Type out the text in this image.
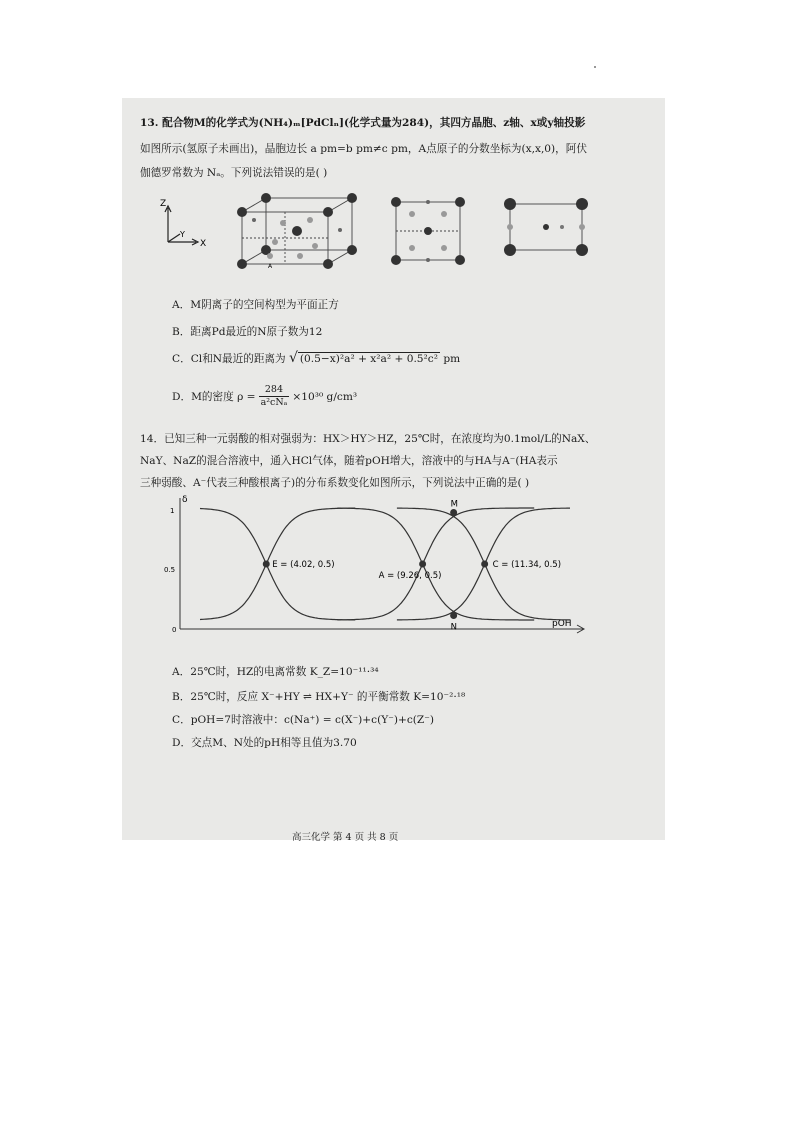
13. 配合物M的化学式为(NH₄)ₘ[PdClₙ](化学式量为284)，其四方晶胞、z轴、x或y轴投影
如图所示(氢原子未画出)，晶胞边长 a pm=b pm≠c pm，A点原子的分数坐标为(x,x,0)，阿伏
伽德罗常数为 Nₐ。下列说法错误的是( )
Z
Y
X
A
A．M阴离子的空间构型为平面正方
B．距离Pd最近的N原子数为12
C．Cl和N最近的距离为 √ (0.5−x)²a² + x²a² + 0.5²c² pm
D．M的密度 ρ =
284
a²cNₐ ×10³⁰ g/cm³
14．已知三种一元弱酸的相对强弱为：HX＞HY＞HZ，25℃时，在浓度均为0.1mol/L的NaX、
NaY、NaZ的混合溶液中，通入HCl气体，随着pOH增大，溶液中的与HA与A⁻(HA表示
三种弱酸、A⁻代表三种酸根离子)的分布系数变化如图所示，下列说法中正确的是( )
δ
pOH
1
0.5
0
E = (4.02, 0.5)
A = (9.26, 0.5)
C = (11.34, 0.5)
M
N
A．25℃时，HZ的电离常数 K_Z=10⁻¹¹·³⁴
B．25℃时，反应 X⁻+HY ⇌ HX+Y⁻ 的平衡常数 K=10⁻²·¹⁸
C．pOH=7时溶液中：c(Na⁺) = c(X⁻)+c(Y⁻)+c(Z⁻)
D．交点M、N处的pH相等且值为3.70
高三化学 第 4 页 共 8 页
